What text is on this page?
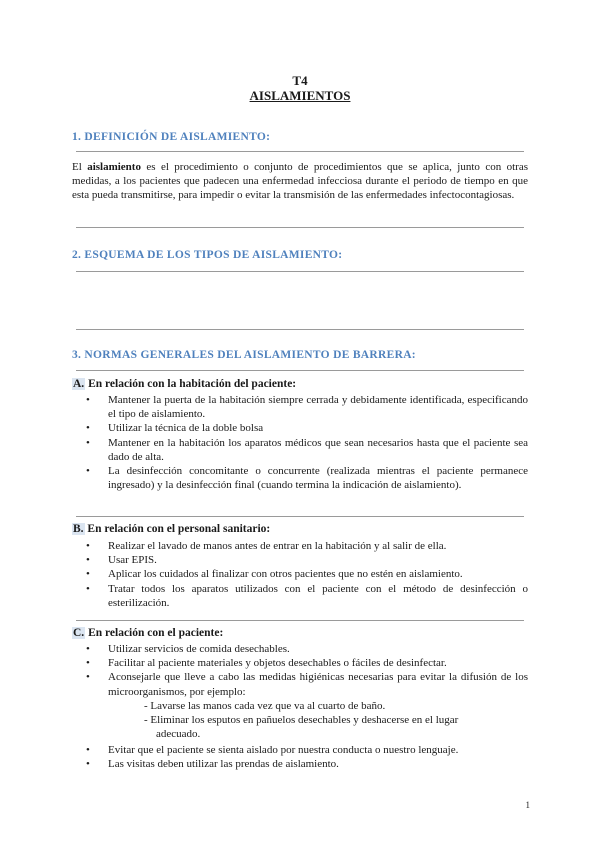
T4
AISLAMIENTOS
1. DEFINICIÓN DE AISLAMIENTO:
El aislamiento es el procedimiento o conjunto de procedimientos que se aplica, junto con otras medidas, a los pacientes que padecen una enfermedad infecciosa durante el periodo de tiempo en que esta pueda transmitirse, para impedir o evitar la transmisión de las enfermedades infectocontagiosas.
2. ESQUEMA DE LOS TIPOS DE AISLAMIENTO:
3. NORMAS GENERALES DEL AISLAMIENTO DE BARRERA:
A. En relación con la habitación del paciente:
• Mantener la puerta de la habitación siempre cerrada y debidamente identificada, especificando el tipo de aislamiento.
• Utilizar la técnica de la doble bolsa
• Mantener en la habitación los aparatos médicos que sean necesarios hasta que el paciente sea dado de alta.
• La desinfección concomitante o concurrente (realizada mientras el paciente permanece ingresado) y la desinfección final (cuando termina la indicación de aislamiento).
B. En relación con el personal sanitario:
• Realizar el lavado de manos antes de entrar en la habitación y al salir de ella.
• Usar EPIS.
• Aplicar los cuidados al finalizar con otros pacientes que no estén en aislamiento.
• Tratar todos los aparatos utilizados con el paciente con el método de desinfección o esterilización.
C. En relación con el paciente:
• Utilizar servicios de comida desechables.
• Facilitar al paciente materiales y objetos desechables o fáciles de desinfectar.
• Aconsejarle que lleve a cabo las medidas higiénicas necesarias para evitar la difusión de los microorganismos, por ejemplo:
- Lavarse las manos cada vez que va al cuarto de baño.
- Eliminar los esputos en pañuelos desechables y deshacerse en el lugar
adecuado.
• Evitar que el paciente se sienta aislado por nuestra conducta o nuestro lenguaje.
• Las visitas deben utilizar las prendas de aislamiento.
1
